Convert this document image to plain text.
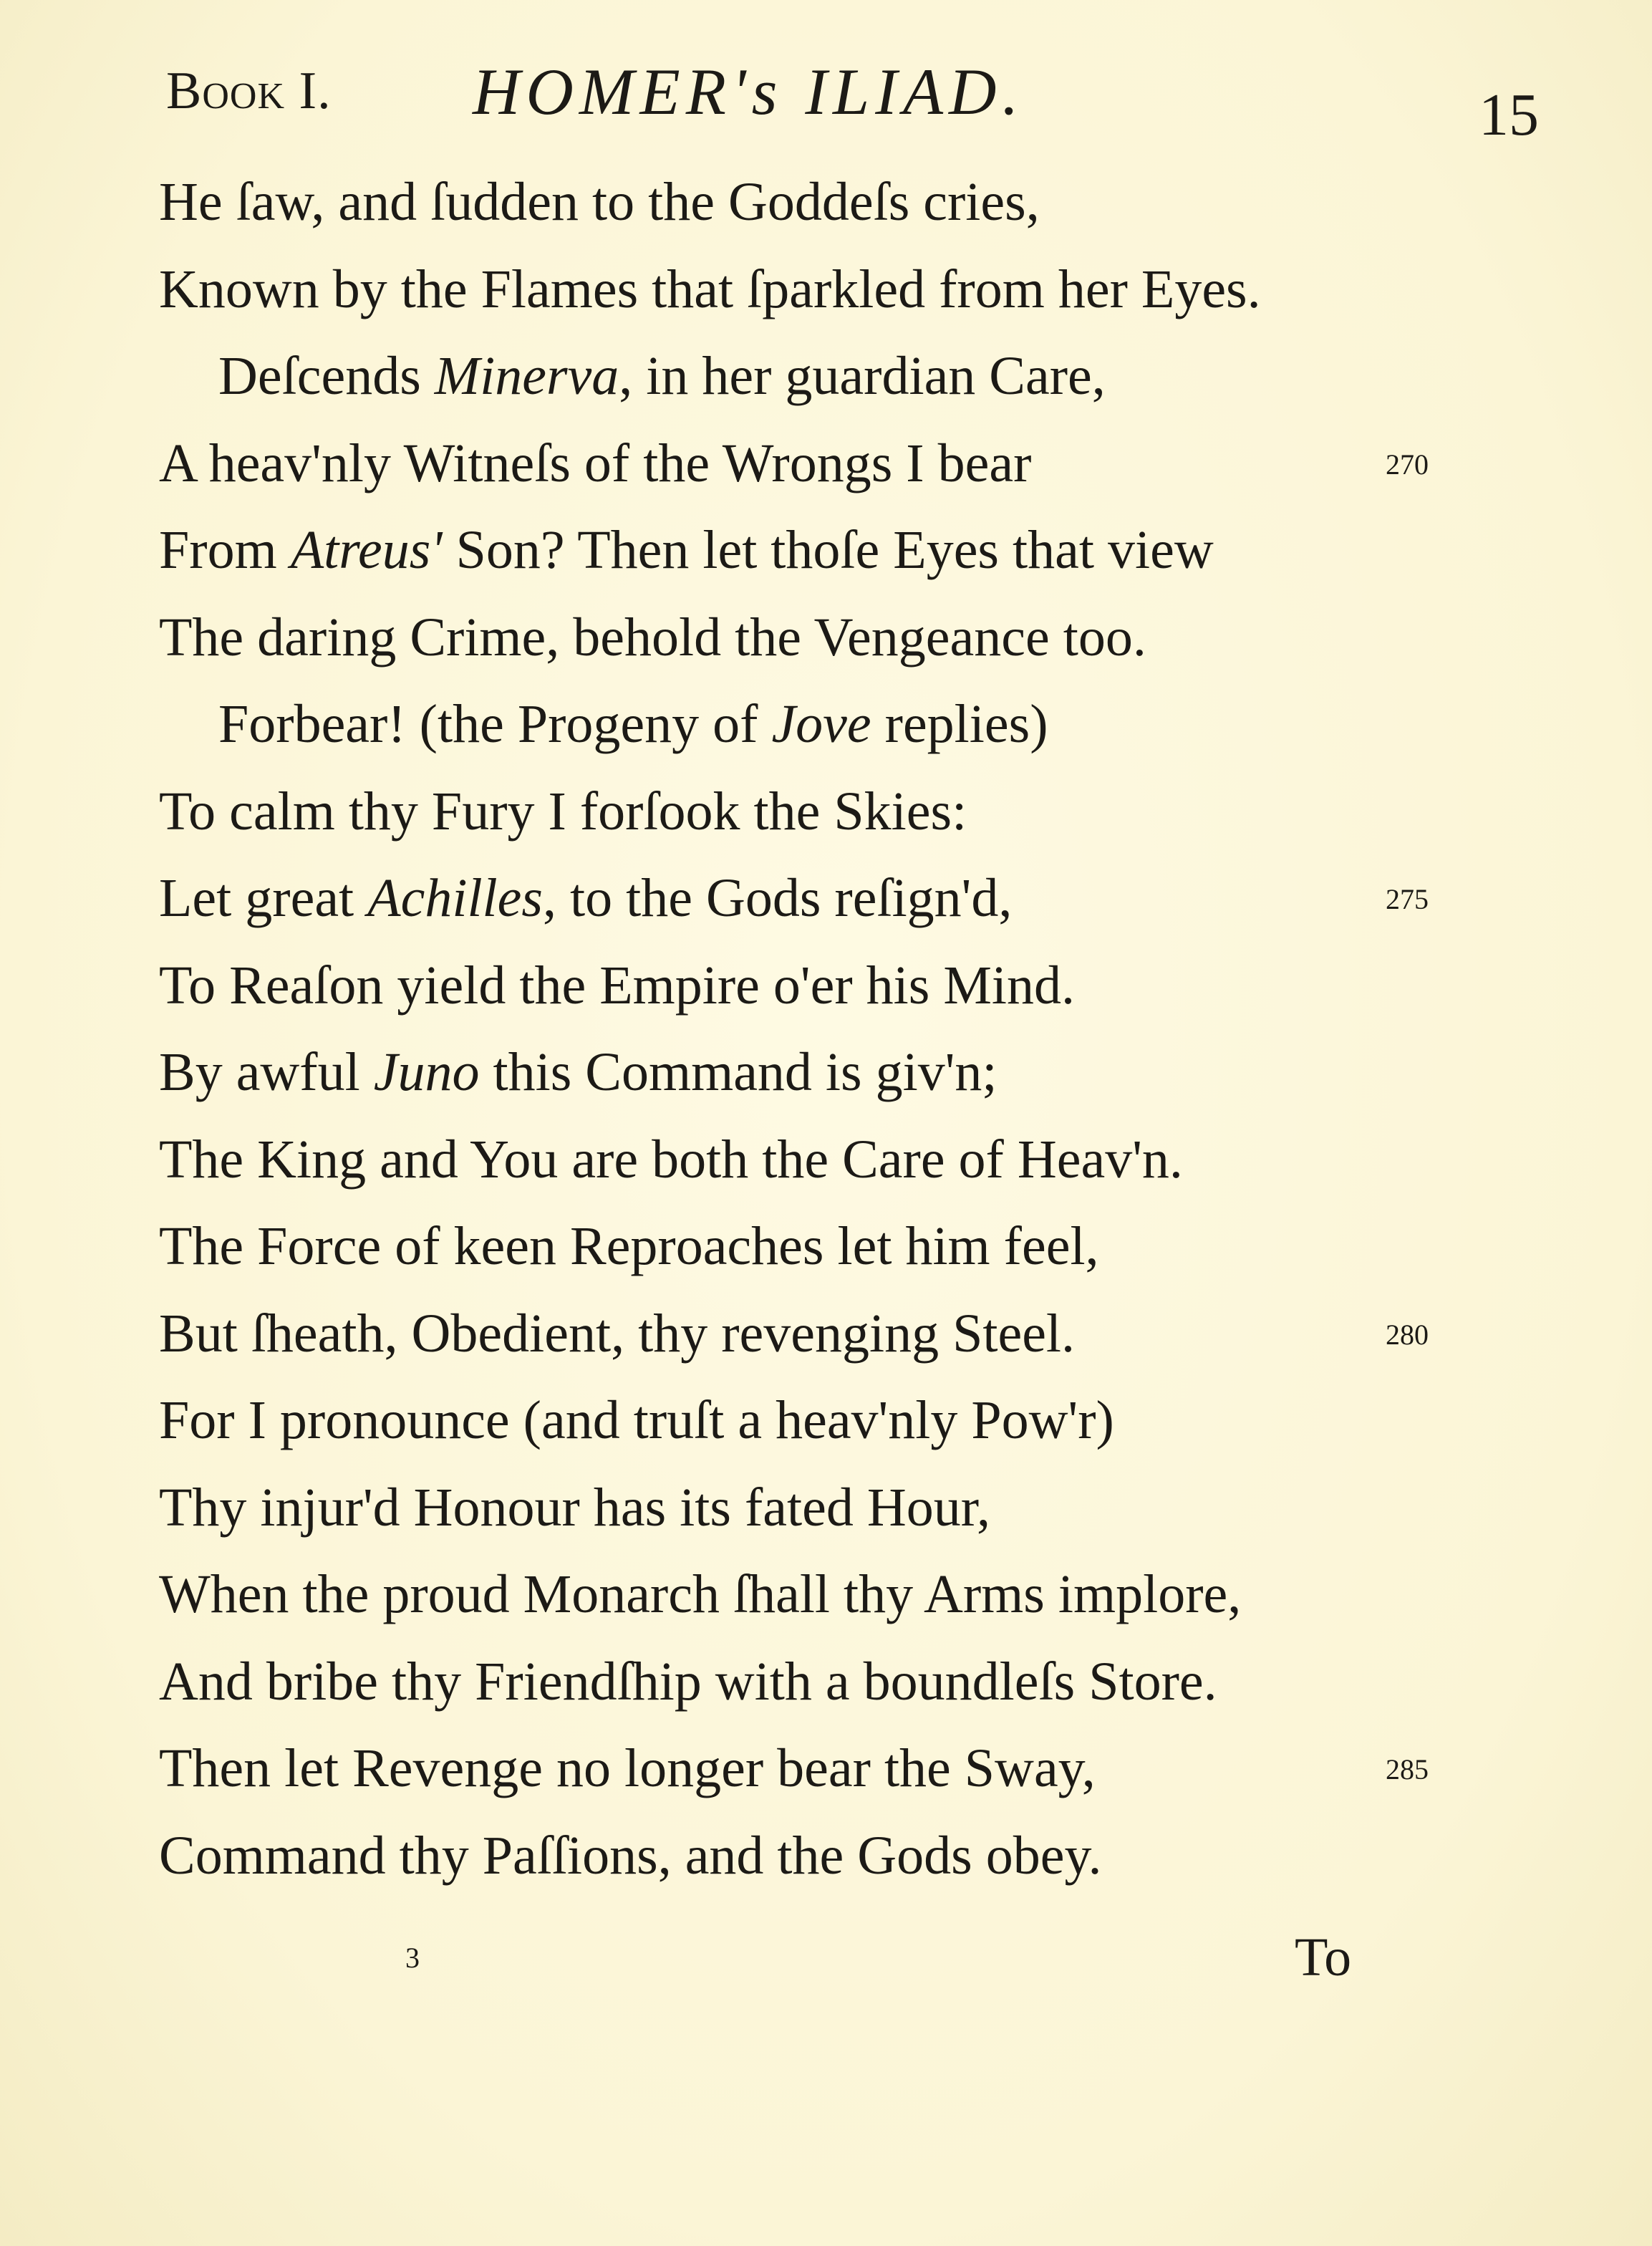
Book I. HOMER's ILIAD.	15
He ſaw, and ſudden to the Goddeſs cries,
Known by the Flames that ſparkled from her Eyes.
Deſcends Minerva, in her guardian Care,
A heav'nly Witneſs of the Wrongs I bear	270
From Atreus' Son? Then let thoſe Eyes that view
The daring Crime, behold the Vengeance too.
Forbear! (the Progeny of Jove replies)
To calm thy Fury I forſook the Skies:
Let great Achilles, to the Gods reſign'd,	275
To Reaſon yield the Empire o'er his Mind.
By awful Juno this Command is giv'n;
The King and You are both the Care of Heav'n.
The Force of keen Reproaches let him feel,
But ſheath, Obedient, thy revenging Steel.	280
For I pronounce (and truſt a heav'nly Pow'r)
Thy injur'd Honour has its fated Hour,
When the proud Monarch ſhall thy Arms implore,
And bribe thy Friendſhip with a boundleſs Store.
Then let Revenge no longer bear the Sway,	285
Command thy Paſſions, and the Gods obey.
3	To
